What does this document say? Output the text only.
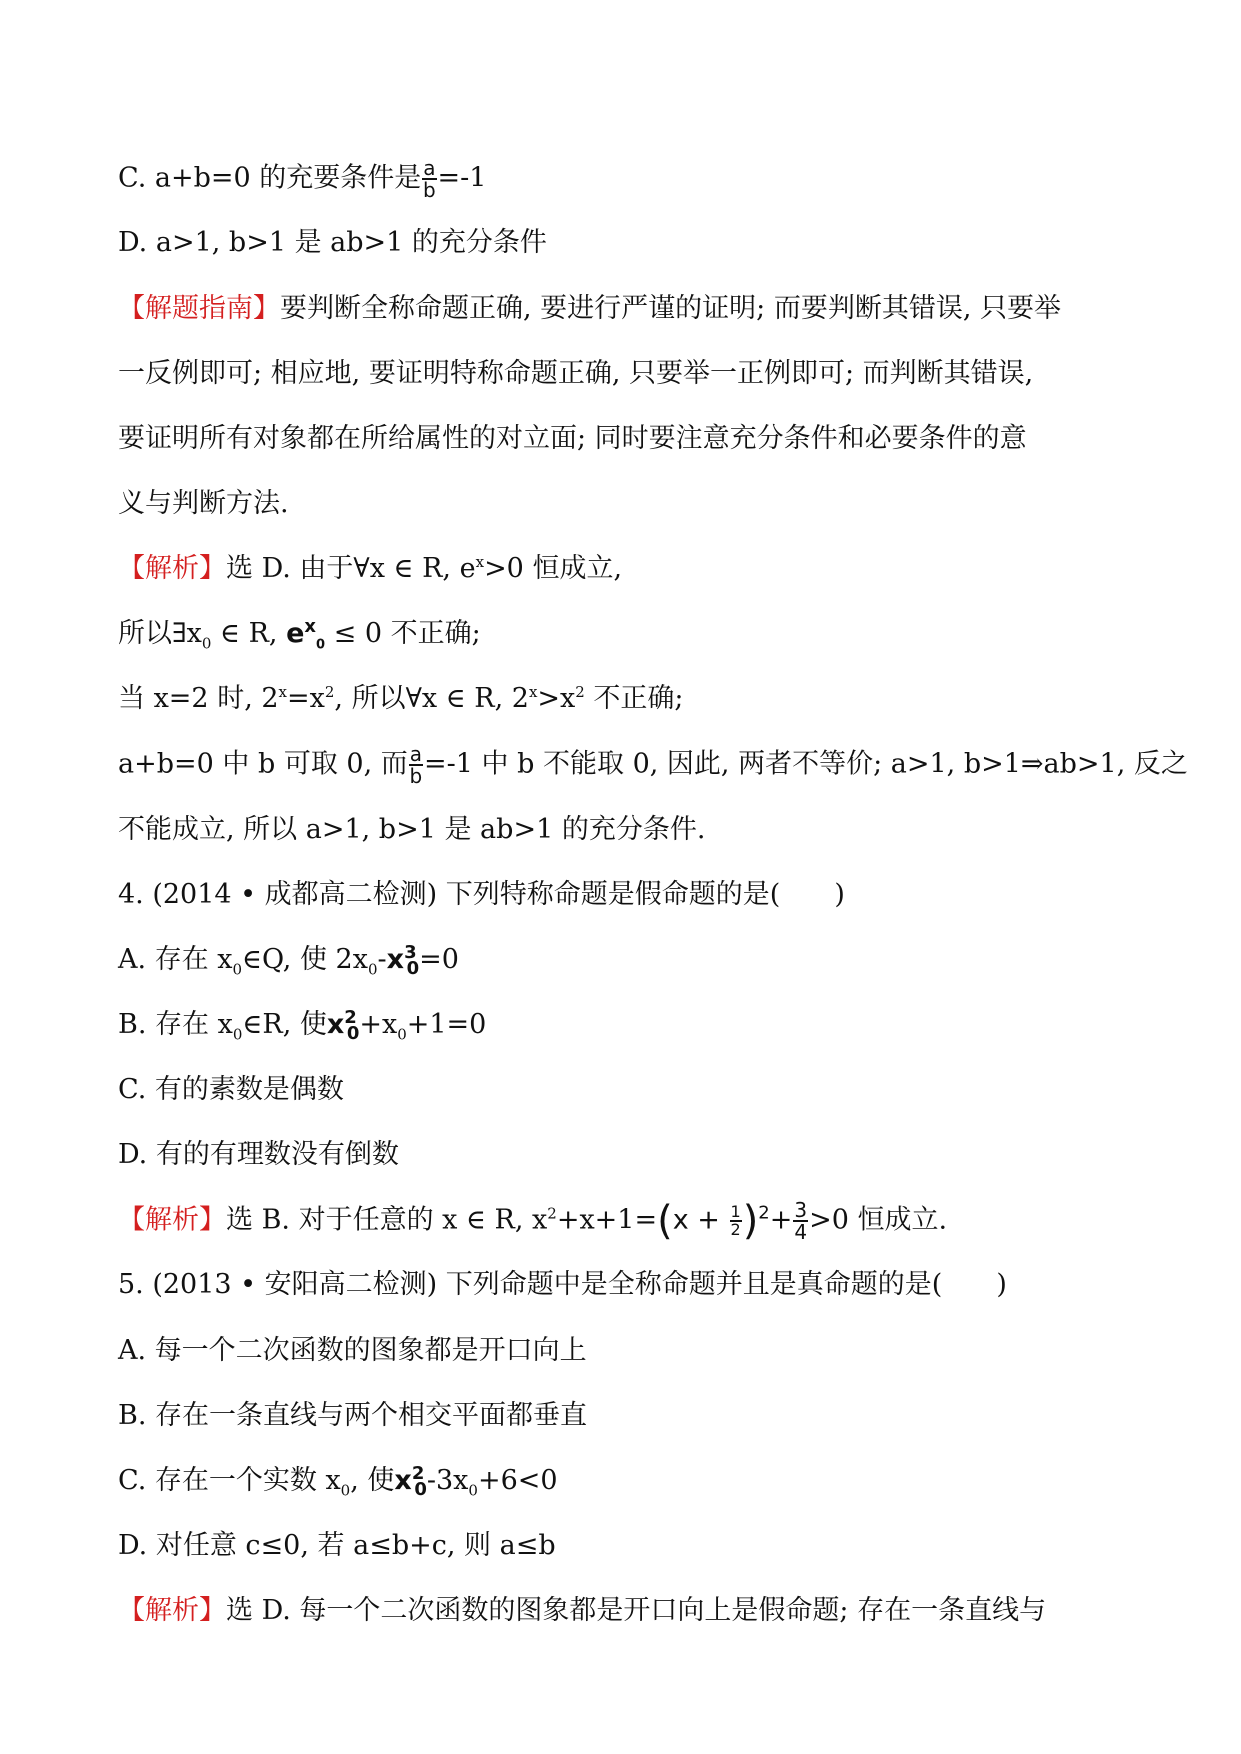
C. a+b=0 的充要条件是 $\frac{a}{b} =-1$
D. a>1, b>1 是 ab>1 的充分条件
【解题指南】要判断全称命题正确, 要进行严谨的证明; 而要判断其错误, 只要举
一反例即可; 相应地, 要证明特称命题正确, 只要举一正例即可; 而判断其错误,
要证明所有对象都在所给属性的对立面; 同时要注意充分条件和必要条件的意
义与判断方法.
【解析】选 D. 由于∀x ∈ R, $e^x>0$ 恒成立,
所以$\exists x_0$ ∈ R, $e^x_0 \le 0$ 不正确;
当 x=2 时, $2^x=x^2$, 所以∀x ∈ R, $2^x>x^2$ 不正确;
a+b=0 中 b 可取 0, 而 $\frac{a}{b} =-1$ 中 b 不能取 0, 因此, 两者不等价; a>1, b>1⇒ab>1, 反之
不能成立, 所以 a>1, b>1 是 ab>1 的充分条件.
4. (2014 • 成都高二检测) 下列特称命题是假命题的是(　　)
A. 存在 $x_0\in Q$, 使 $2x_0-x^3_0=0$
B. 存在 $x_0\in R$, 使$x^2_0+x_0+1=0$
C. 有的素数是偶数
D. 有的有理数没有倒数
【解析】选 B. 对于任意的 x ∈ R, $x^2+x+1=(x + \frac{1}{2} )^2+ \frac{3}{4} >0$ 恒成立.
5. (2013 • 安阳高二检测) 下列命题中是全称命题并且是真命题的是(　　)
A. 每一个二次函数的图象都是开口向上
B. 存在一条直线与两个相交平面都垂直
C. 存在一个实数 $x_0$, 使$x^2_0-3x_0+6<0$
D. 对任意 c≤0, 若 a≤b+c, 则 a≤b
【解析】选 D. 每一个二次函数的图象都是开口向上是假命题; 存在一条直线与
